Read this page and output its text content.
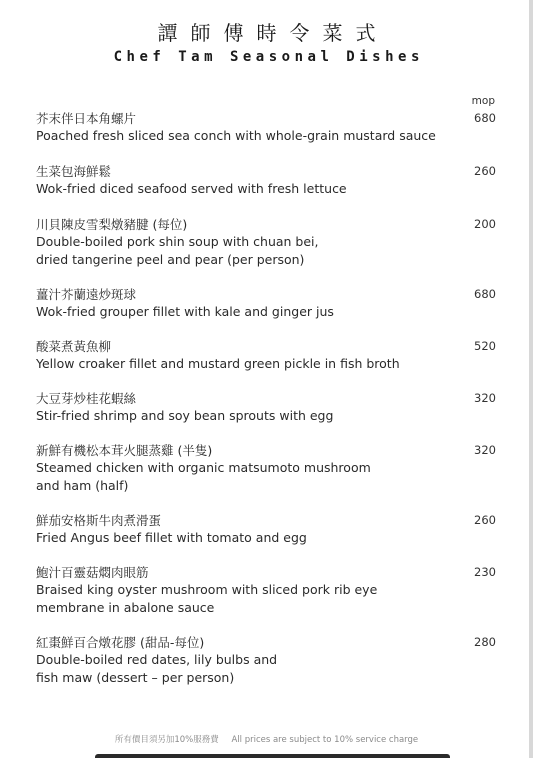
譚師傅時令菜式
Chef Tam Seasonal Dishes
mop
芥末伴日本角螺片
Poached fresh sliced sea conch with whole-grain mustard sauce
680
生菜包海鮮鬆
Wok-fried diced seafood served with fresh lettuce
260
川貝陳皮雪梨燉豬腱 (每位)
Double-boiled pork shin soup with chuan bei,
dried tangerine peel and pear (per person)
200
薑汁芥蘭遠炒斑球
Wok-fried grouper fillet with kale and ginger jus
680
酸菜煮黃魚柳
Yellow croaker fillet and mustard green pickle in fish broth
520
大豆芽炒桂花蝦絲
Stir-fried shrimp and soy bean sprouts with egg
320
新鮮有機松本茸火腿蒸雞 (半隻)
Steamed chicken with organic matsumoto mushroom
and ham (half)
320
鮮茄安格斯牛肉煮滑蛋
Fried Angus beef fillet with tomato and egg
260
鮑汁百靈菇燜肉眼筋
Braised king oyster mushroom with sliced pork rib eye
membrane in abalone sauce
230
紅棗鮮百合燉花膠 (甜品-每位)
Double-boiled red dates, lily bulbs and
fish maw (dessert – per person)
280
所有價目須另加10%服務費 All prices are subject to 10% service charge
